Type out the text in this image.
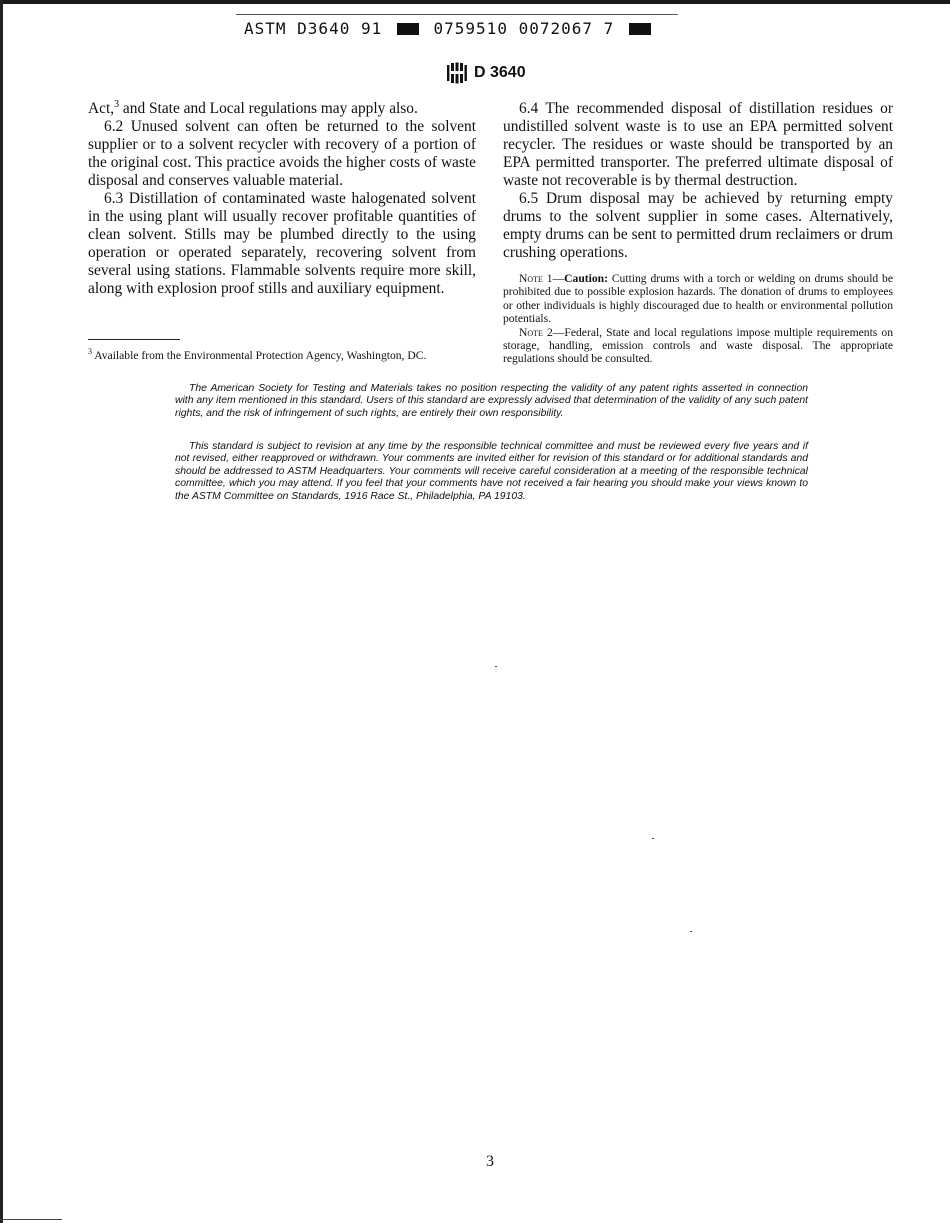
ASTM D3640 91	0759510 0072067 7
D 3640

Act,$^3$ and State and Local regulations may apply also.

6.2 Unused solvent can often be returned to the solvent supplier or to a solvent recycler with recovery of a portion of the original cost. This practice avoids the higher costs of waste disposal and conserves valuable material.

6.3 Distillation of contaminated waste halogenated solvent in the using plant will usually recover profitable quantities of clean solvent. Stills may be plumbed directly to the using operation or operated separately, recovering solvent from several using stations. Flammable solvents require more skill, along with explosion proof stills and auxiliary equipment.

$^3$ Available from the Environmental Protection Agency, Washington, DC.

6.4 The recommended disposal of distillation residues or undistilled solvent waste is to use an EPA permitted solvent recycler. The residues or waste should be transported by an EPA permitted transporter. The preferred ultimate disposal of waste not recoverable is by thermal destruction.

6.5 Drum disposal may be achieved by returning empty drums to the solvent supplier in some cases. Alternatively, empty drums can be sent to permitted drum reclaimers or drum crushing operations.

Note 1—Caution: Cutting drums with a torch or welding on drums should be prohibited due to possible explosion hazards. The donation of drums to employees or other individuals is highly discouraged due to health or environmental pollution potentials.

Note 2—Federal, State and local regulations impose multiple requirements on storage, handling, emission controls and waste disposal. The appropriate regulations should be consulted.

The American Society for Testing and Materials takes no position respecting the validity of any patent rights asserted in connection with any item mentioned in this standard. Users of this standard are expressly advised that determination of the validity of any such patent rights, and the risk of infringement of such rights, are entirely their own responsibility.

This standard is subject to revision at any time by the responsible technical committee and must be reviewed every five years and if not revised, either reapproved or withdrawn. Your comments are invited either for revision of this standard or for additional standards and should be addressed to ASTM Headquarters. Your comments will receive careful consideration at a meeting of the responsible technical committee, which you may attend. If you feel that your comments have not received a fair hearing you should make your views known to the ASTM Committee on Standards, 1916 Race St., Philadelphia, PA 19103.

3
